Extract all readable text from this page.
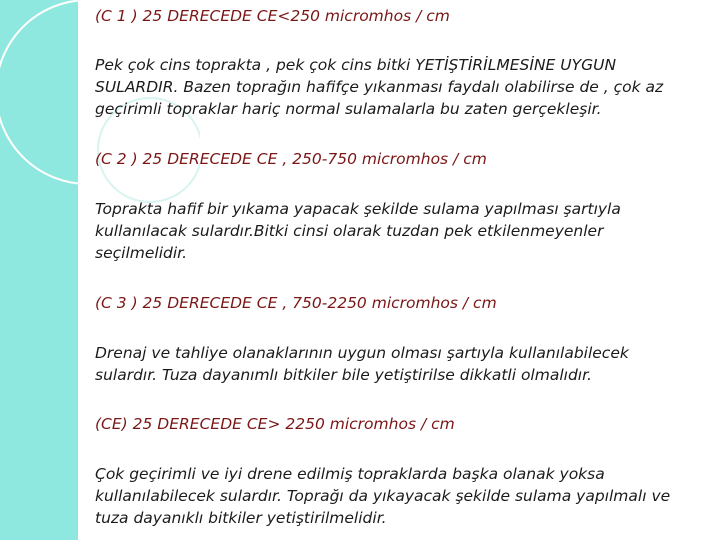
(C 1 ) 25 DERECEDE CE<250 micromhos / cm

Pek çok cins toprakta , pek çok cins bitki YETİŞTİRİLMESİNE UYGUN SULARDIR. Bazen toprağın hafifçe yıkanması faydalı olabilirse de , çok az geçirimli topraklar hariç normal sulamalarla bu zaten gerçekleşir.

(C 2 ) 25 DERECEDE CE , 250-750 micromhos / cm

Toprakta hafif bir yıkama yapacak şekilde sulama yapılması şartıyla kullanılacak sulardır.Bitki cinsi olarak tuzdan pek etkilenmeyenler seçilmelidir.

(C 3 ) 25 DERECEDE CE , 750-2250 micromhos / cm

Drenaj ve tahliye olanaklarının uygun olması şartıyla kullanılabilecek sulardır. Tuza dayanımlı bitkiler bile yetiştirilse dikkatli olmalıdır.

(CE) 25 DERECEDE CE> 2250 micromhos / cm

Çok geçirimli ve iyi drene edilmiş topraklarda başka olanak yoksa kullanılabilecek sulardır. Toprağı da yıkayacak şekilde sulama yapılmalı ve tuza dayanıklı bitkiler yetiştirilmelidir.
